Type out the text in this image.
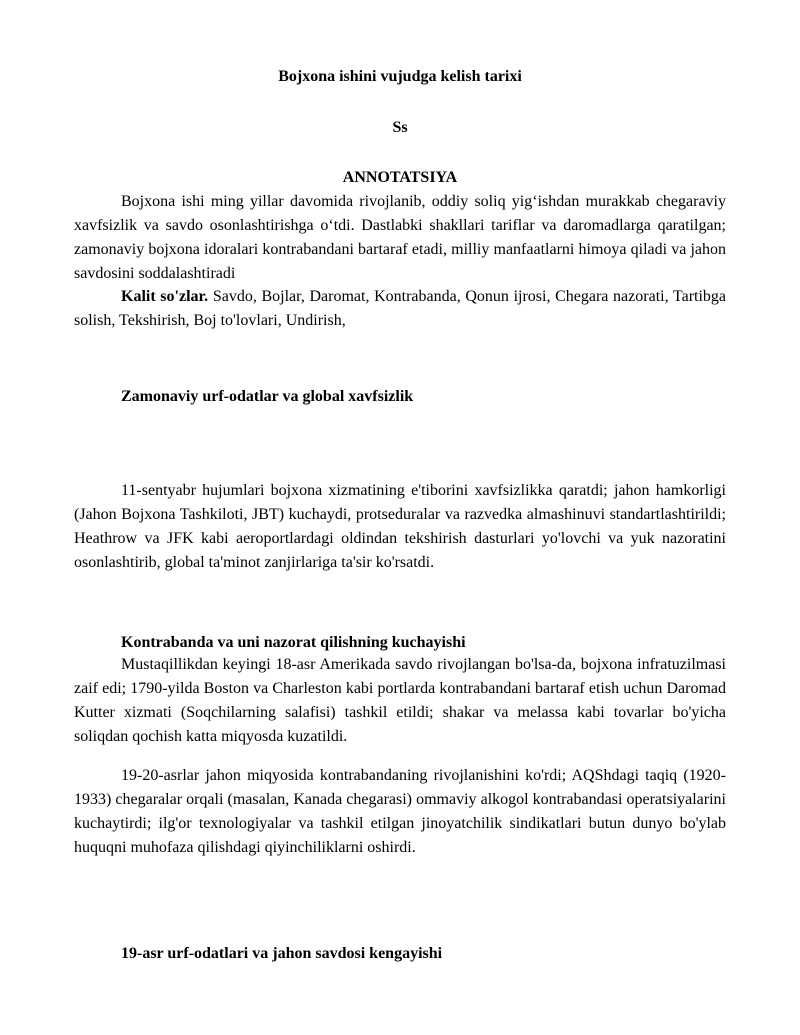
Bojxona ishini vujudga kelish tarixi
Ss
ANNOTATSIYA

Bojxona ishi ming yillar davomida rivojlanib, oddiy soliq yig‘ishdan murakkab chegaraviy xavfsizlik va savdo osonlashtirishga o‘tdi. Dastlabki shakllari tariflar va daromadlarga qaratilgan; zamonaviy bojxona idoralari kontrabandani bartaraf etadi, milliy manfaatlarni himoya qiladi va jahon savdosini soddalashtiradi

Kalit so'zlar. Savdo, Bojlar, Daromat, Kontrabanda, Qonun ijrosi, Chegara nazorati, Tartibga solish, Tekshirish, Boj to'lovlari, Undirish,

Zamonaviy urf-odatlar va global xavfsizlik

11-sentyabr hujumlari bojxona xizmatining e'tiborini xavfsizlikka qaratdi; jahon hamkorligi (Jahon Bojxona Tashkiloti, JBT) kuchaydi, protseduralar va razvedka almashinuvi standartlashtirildi; Heathrow va JFK kabi aeroportlardagi oldindan tekshirish dasturlari yo'lovchi va yuk nazoratini osonlashtirib, global ta'minot zanjirlariga ta'sir ko'rsatdi.

Kontrabanda va uni nazorat qilishning kuchayishi

Mustaqillikdan keyingi 18-asr Amerikada savdo rivojlangan bo'lsa-da, bojxona infratuzilmasi zaif edi; 1790-yilda Boston va Charleston kabi portlarda kontrabandani bartaraf etish uchun Daromad Kutter xizmati (Soqchilarning salafisi) tashkil etildi; shakar va melassa kabi tovarlar bo'yicha soliqdan qochish katta miqyosda kuzatildi.

19-20-asrlar jahon miqyosida kontrabandaning rivojlanishini ko'rdi; AQShdagi taqiq (1920-1933) chegaralar orqali (masalan, Kanada chegarasi) ommaviy alkogol kontrabandasi operatsiyalarini kuchaytirdi; ilg'or texnologiyalar va tashkil etilgan jinoyatchilik sindikatlari butun dunyo bo'ylab huquqni muhofaza qilishdagi qiyinchiliklarni oshirdi.

19-asr urf-odatlari va jahon savdosi kengayishi
